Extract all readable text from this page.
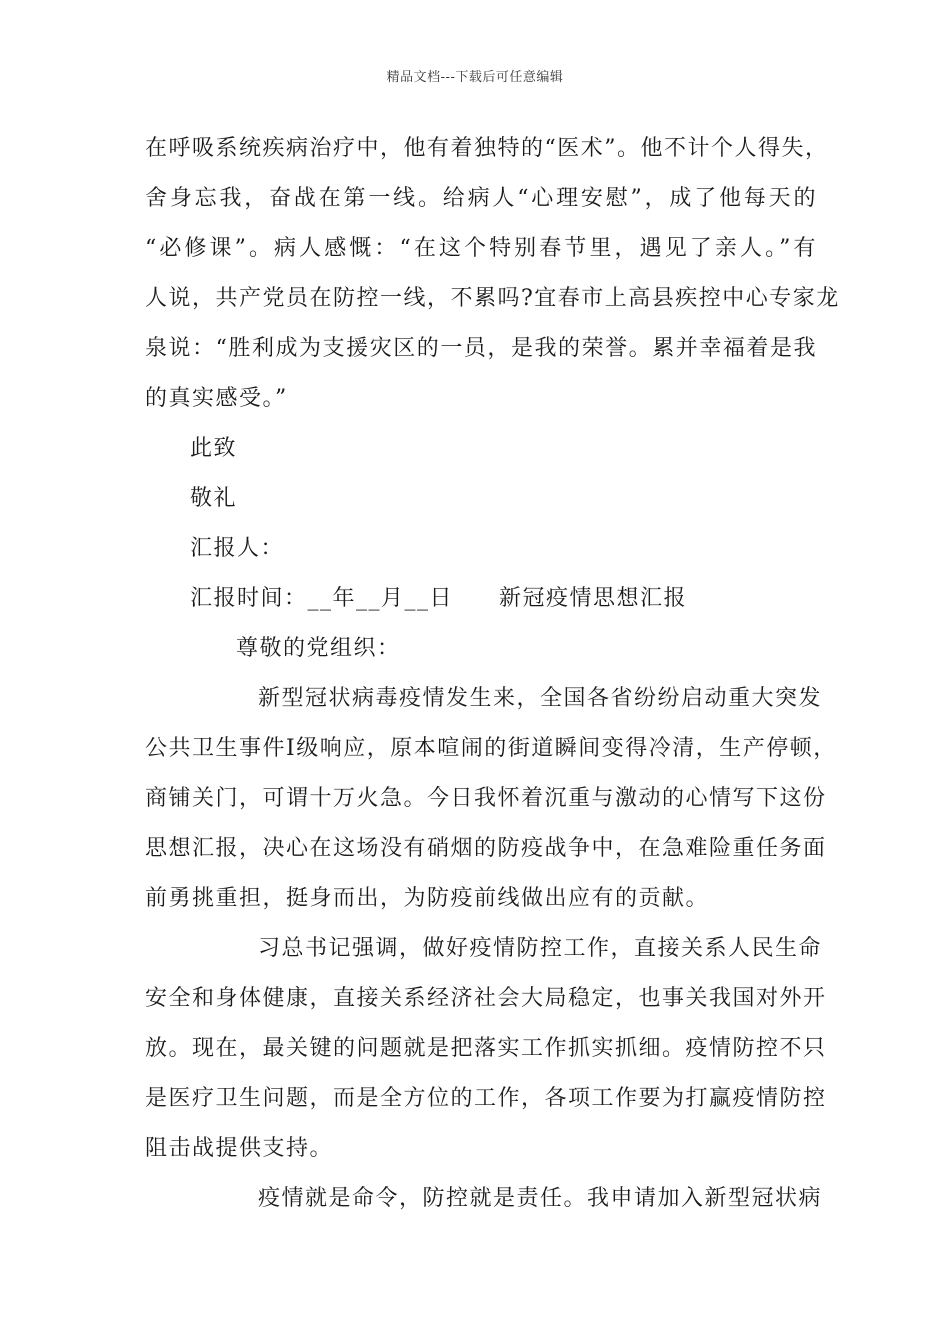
精品文档---下载后可任意编辑
在呼吸系统疾病治疗中，他有着独特的“医术”。他不计个人得失，
舍身忘我，奋战在第一线。给病人“心理安慰”，成了他每天的
“必修课”。病人感慨：“在这个特别春节里，遇见了亲人。”有
人说，共产党员在防控一线，不累吗?宜春市上高县疾控中心专家龙
泉说：“胜利成为支援灾区的一员，是我的荣誉。累并幸福着是我
的真实感受。”
此致
敬礼
汇报人：
汇报时间：__年__月__日 新冠疫情思想汇报
尊敬的党组织：
新型冠状病毒疫情发生来，全国各省纷纷启动重大突发
公共卫生事件Ⅰ级响应，原本喧闹的街道瞬间变得冷清，生产停顿，
商铺关门，可谓十万火急。今日我怀着沉重与激动的心情写下这份
思想汇报，决心在这场没有硝烟的防疫战争中，在急难险重任务面
前勇挑重担，挺身而出，为防疫前线做出应有的贡献。
习总书记强调，做好疫情防控工作，直接关系人民生命
安全和身体健康，直接关系经济社会大局稳定，也事关我国对外开
放。现在，最关键的问题就是把落实工作抓实抓细。疫情防控不只
是医疗卫生问题，而是全方位的工作，各项工作要为打赢疫情防控
阻击战提供支持。
疫情就是命令，防控就是责任。我申请加入新型冠状病
